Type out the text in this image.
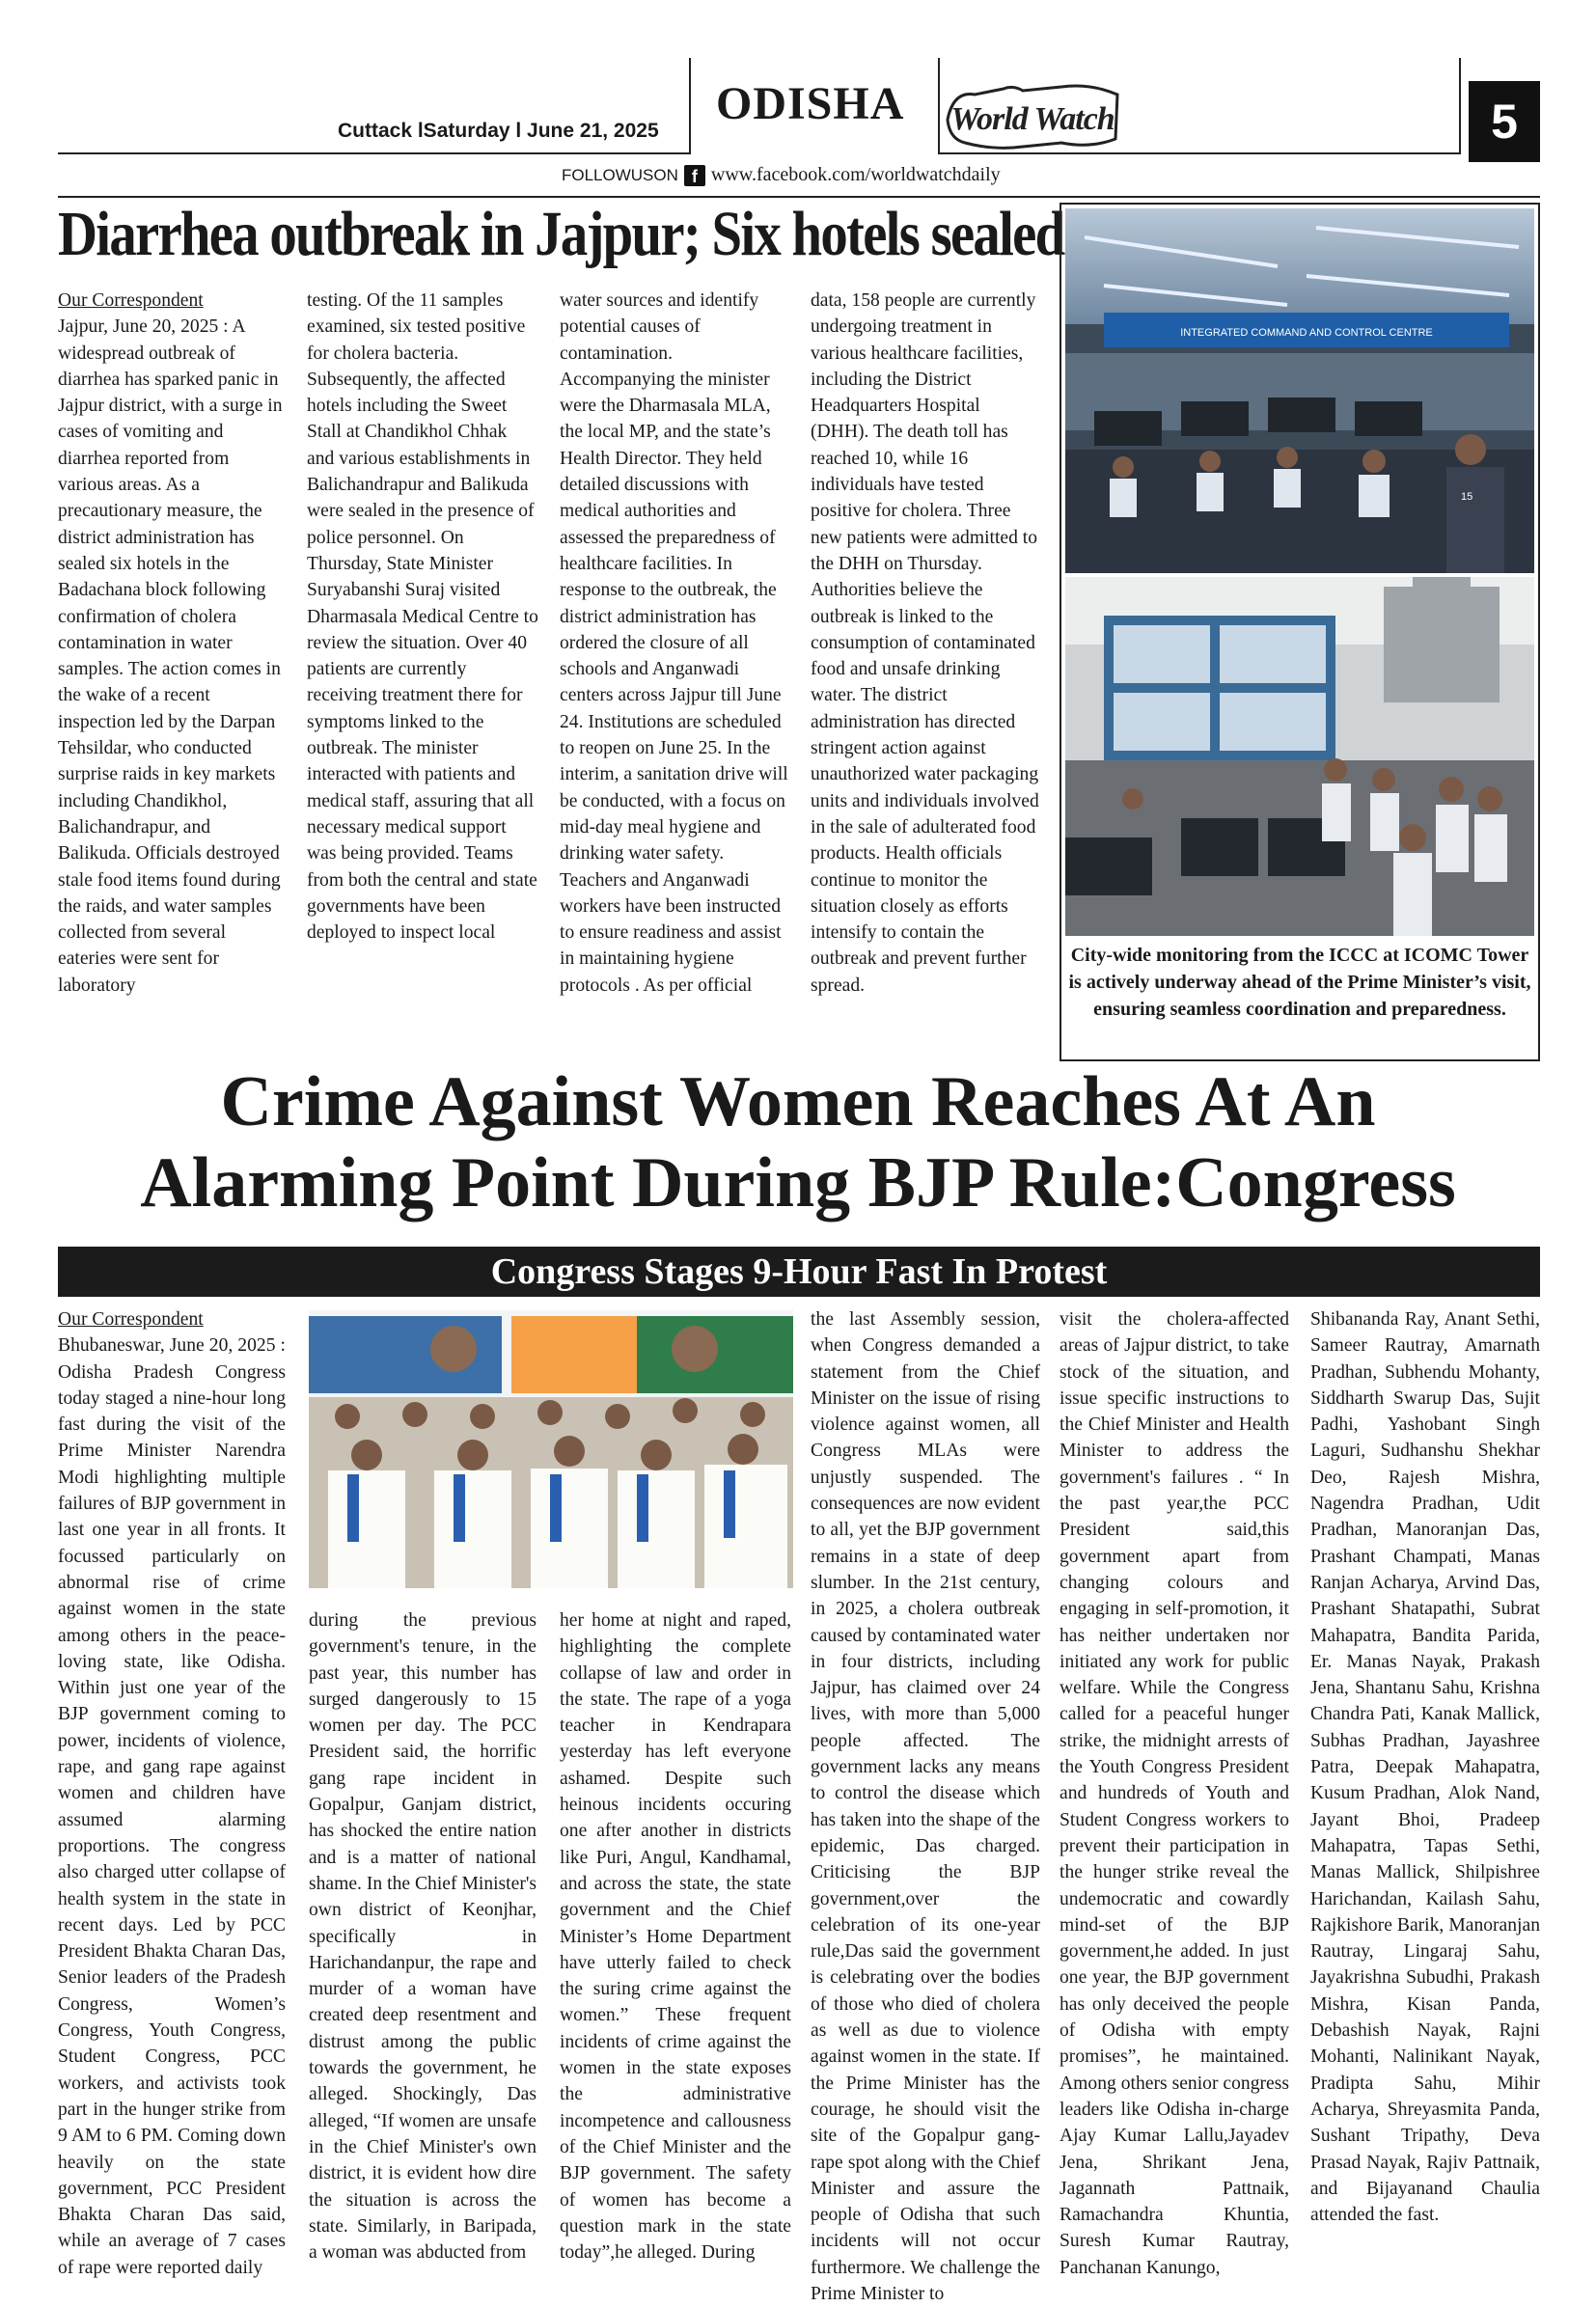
Cuttack lSaturday l June 21, 2025
ODISHA World Watch	5
FOLLOWUSON f www.facebook.com/worldwatchdaily
Diarrhea outbreak in Jajpur; Six hotels sealed

Our Correspondent

Jajpur, June 20, 2025 : A widespread outbreak of diarrhea has sparked panic in Jajpur district, with a surge in cases of vomiting and diarrhea reported from various areas. As a precautionary measure, the district administration has sealed six hotels in the Badachana block following confirmation of cholera contamination in water samples. The action comes in the wake of a recent inspection led by the Darpan Tehsildar, who conducted surprise raids in key markets including Chandikhol, Balichandrapur, and Balikuda. Officials destroyed stale food items found during the raids, and water samples collected from several eateries were sent for laboratory

testing. Of the 11 samples examined, six tested positive for cholera bacteria. Subsequently, the affected hotels including the Sweet Stall at Chandikhol Chhak and various establishments in Balichandrapur and Balikuda were sealed in the presence of police personnel. On Thursday, State Minister Suryabanshi Suraj visited Dharmasala Medical Centre to review the situation. Over 40 patients are currently receiving treatment there for symptoms linked to the outbreak. The minister interacted with patients and medical staff, assuring that all necessary medical support was being provided. Teams from both the central and state governments have been deployed to inspect local

water sources and identify potential causes of contamination. Accompanying the minister were the Dharmasala MLA, the local MP, and the state’s Health Director. They held detailed discussions with medical authorities and assessed the preparedness of healthcare facilities. In response to the outbreak, the district administration has ordered the closure of all schools and Anganwadi centers across Jajpur till June 24. Institutions are scheduled to reopen on June 25. In the interim, a sanitation drive will be conducted, with a focus on mid-day meal hygiene and drinking water safety. Teachers and Anganwadi workers have been instructed to ensure readiness and assist in maintaining hygiene protocols . As per official

data, 158 people are currently undergoing treatment in various healthcare facilities, including the District Headquarters Hospital (DHH). The death toll has reached 10, while 16 individuals have tested positive for cholera. Three new patients were admitted to the DHH on Thursday. Authorities believe the outbreak is linked to the consumption of contaminated food and unsafe drinking water. The district administration has directed stringent action against unauthorized water packaging units and individuals involved in the sale of adulterated food products. Health officials continue to monitor the situation closely as efforts intensify to contain the outbreak and prevent further spread.

INTEGRATED COMMAND AND CONTROL CENTRE
15
City-wide monitoring from the ICCC at ICOMC Tower is actively underway ahead of the Prime Minister’s visit, ensuring seamless coordination and preparedness.
Crime Against Women Reaches At An
Alarming Point During BJP Rule:Congress
Congress Stages 9-Hour Fast In Protest

Our Correspondent

Bhubaneswar, June 20, 2025 : Odisha Pradesh Congress today staged a nine-hour long fast during the visit of the Prime Minister Narendra Modi highlighting multiple failures of BJP government in last one year in all fronts. It focussed particularly on abnormal rise of crime against women in the state among others in the peace-loving state, like Odisha. Within just one year of the BJP government coming to power, incidents of violence, rape, and gang rape against women and children have assumed alarming proportions. The congress also charged utter collapse of health system in the state in recent days. Led by PCC President Bhakta Charan Das, Senior leaders of the Pradesh Congress, Women’s Congress, Youth Congress, Student Congress, PCC workers, and activists took part in the hunger strike from 9 AM to 6 PM. Coming down heavily on the state government, PCC President Bhakta Charan Das said, while an average of 7 cases of rape were reported daily

during the previous government's tenure, in the past year, this number has surged dangerously to 15 women per day. The PCC President said, the horrific gang rape incident in Gopalpur, Ganjam district, has shocked the entire nation and is a matter of national shame. In the Chief Minister's own district of Keonjhar, specifically in Harichandanpur, the rape and murder of a woman have created deep resentment and distrust among the public towards the government, he alleged. Shockingly, Das alleged, “If women are unsafe in the Chief Minister's own district, it is evident how dire the situation is across the state. Similarly, in Baripada, a woman was abducted from

her home at night and raped, highlighting the complete collapse of law and order in the state. The rape of a yoga teacher in Kendrapara yesterday has left everyone ashamed. Despite such heinous incidents occuring one after another in districts like Puri, Angul, Kandhamal, and across the state, the state government and the Chief Minister’s Home Department have utterly failed to check the suring crime against the women.” These frequent incidents of crime against the women in the state exposes the administrative incompetence and callousness of the Chief Minister and the BJP government. The safety of women has become a question mark in the state today”,he alleged. During

the last Assembly session, when Congress demanded a statement from the Chief Minister on the issue of rising violence against women, all Congress MLAs were unjustly suspended. The consequences are now evident to all, yet the BJP government remains in a state of deep slumber. In the 21st century, in 2025, a cholera outbreak caused by contaminated water in four districts, including Jajpur, has claimed over 24 lives, with more than 5,000 people affected. The government lacks any means to control the disease which has taken into the shape of the epidemic, Das charged. Criticising the BJP government,over the celebration of its one-year rule,Das said the government is celebrating over the bodies of those who died of cholera as well as due to violence against women in the state. If the Prime Minister has the courage, he should visit the site of the Gopalpur gang-rape spot along with the Chief Minister and assure the people of Odisha that such incidents will not occur furthermore. We challenge the Prime Minister to

visit the cholera-affected areas of Jajpur district, to take stock of the situation, and issue specific instructions to the Chief Minister and Health Minister to address the government's failures . “ In the past year,the PCC President said,this government apart from changing colours and engaging in self-promotion, it has neither undertaken nor initiated any work for public welfare. While the Congress called for a peaceful hunger strike, the midnight arrests of the Youth Congress President and hundreds of Youth and Student Congress workers to prevent their participation in the hunger strike reveal the undemocratic and cowardly mind-set of the BJP government,he added. In just one year, the BJP government has only deceived the people of Odisha with empty promises”, he maintained. Among others senior congress leaders like Odisha in-charge Ajay Kumar Lallu,Jayadev Jena, Shrikant Jena, Jagannath Pattnaik, Ramachandra Khuntia, Suresh Kumar Rautray, Panchanan Kanungo,

Shibananda Ray, Anant Sethi, Sameer Rautray, Amarnath Pradhan, Subhendu Mohanty, Siddharth Swarup Das, Sujit Padhi, Yashobant Singh Laguri, Sudhanshu Shekhar Deo, Rajesh Mishra, Nagendra Pradhan, Udit Pradhan, Manoranjan Das, Prashant Champati, Manas Ranjan Acharya, Arvind Das, Prashant Shatapathi, Subrat Mahapatra, Bandita Parida, Er. Manas Nayak, Prakash Jena, Shantanu Sahu, Krishna Chandra Pati, Kanak Mallick, Subhas Pradhan, Jayashree Patra, Deepak Mahapatra, Kusum Pradhan, Alok Nand, Jayant Bhoi, Pradeep Mahapatra, Tapas Sethi, Manas Mallick, Shilpishree Harichandan, Kailash Sahu, Rajkishore Barik, Manoranjan Rautray, Lingaraj Sahu, Jayakrishna Subudhi, Prakash Mishra, Kisan Panda, Debashish Nayak, Rajni Mohanti, Nalinikant Nayak, Pradipta Sahu, Mihir Acharya, Shreyasmita Panda, Sushant Tripathy, Deva Prasad Nayak, Rajiv Pattnaik, and Bijayanand Chaulia attended the fast.
